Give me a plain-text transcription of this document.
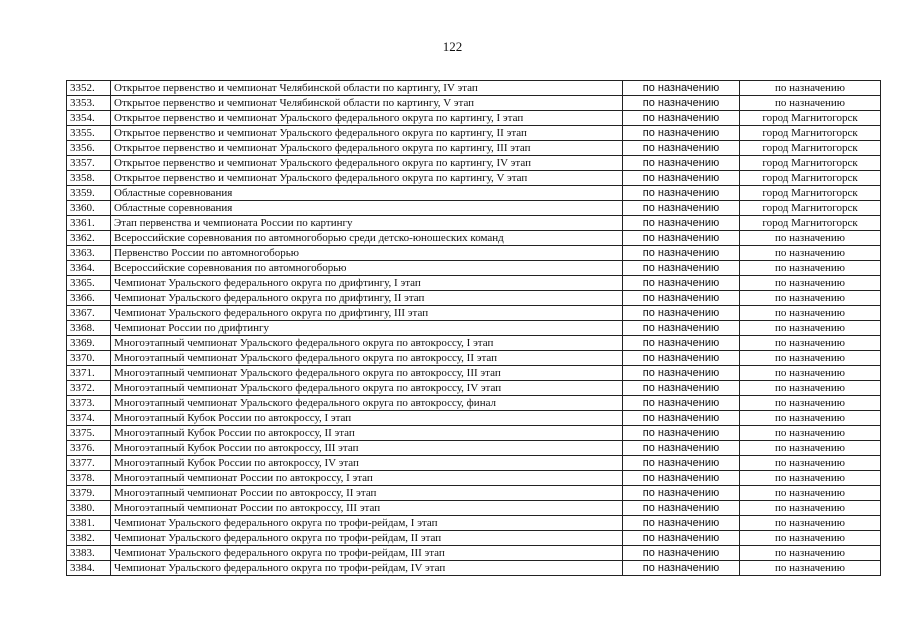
122
3352.	Открытое первенство и чемпионат Челябинской области по картингу, IV этап	по назначению	по назначению
3353.	Открытое первенство и чемпионат Челябинской области по картингу, V этап	по назначению	по назначению
3354.	Открытое первенство и чемпионат Уральского федерального округа по картингу, I этап	по назначению	город Магнитогорск
3355.	Открытое первенство и чемпионат Уральского федерального округа по картингу, II этап	по назначению	город Магнитогорск
3356.	Открытое первенство и чемпионат Уральского федерального округа по картингу, III этап	по назначению	город Магнитогорск
3357.	Открытое первенство и чемпионат Уральского федерального округа по картингу, IV этап	по назначению	город Магнитогорск
3358.	Открытое первенство и чемпионат Уральского федерального округа по картингу, V этап	по назначению	город Магнитогорск
3359.	Областные соревнования	по назначению	город Магнитогорск
3360.	Областные соревнования	по назначению	город Магнитогорск
3361.	Этап первенства и чемпионата России по картингу	по назначению	город Магнитогорск
3362.	Всероссийские соревнования по автомногоборью среди детско-юношеских команд	по назначению	по назначению
3363.	Первенство России по автомногоборью	по назначению	по назначению
3364.	Всероссийские соревнования по автомногоборью	по назначению	по назначению
3365.	Чемпионат Уральского федерального округа по дрифтингу, I этап	по назначению	по назначению
3366.	Чемпионат Уральского федерального округа по дрифтингу, II этап	по назначению	по назначению
3367.	Чемпионат Уральского федерального округа по дрифтингу, III этап	по назначению	по назначению
3368.	Чемпионат России по дрифтингу	по назначению	по назначению
3369.	Многоэтапный чемпионат Уральского федерального округа по автокроссу, I этап	по назначению	по назначению
3370.	Многоэтапный чемпионат Уральского федерального округа по автокроссу, II этап	по назначению	по назначению
3371.	Многоэтапный чемпионат Уральского федерального округа по автокроссу, III этап	по назначению	по назначению
3372.	Многоэтапный чемпионат Уральского федерального округа по автокроссу, IV этап	по назначению	по назначению
3373.	Многоэтапный чемпионат Уральского федерального округа по автокроссу, финал	по назначению	по назначению
3374.	Многоэтапный Кубок России по автокроссу, I этап	по назначению	по назначению
3375.	Многоэтапный Кубок России по автокроссу, II этап	по назначению	по назначению
3376.	Многоэтапный Кубок России по автокроссу, III этап	по назначению	по назначению
3377.	Многоэтапный Кубок России по автокроссу, IV этап	по назначению	по назначению
3378.	Многоэтапный чемпионат России по автокроссу, I этап	по назначению	по назначению
3379.	Многоэтапный чемпионат России по автокроссу, II этап	по назначению	по назначению
3380.	Многоэтапный чемпионат России по автокроссу, III этап	по назначению	по назначению
3381.	Чемпионат Уральского федерального округа по трофи-рейдам, I этап	по назначению	по назначению
3382.	Чемпионат Уральского федерального округа по трофи-рейдам, II этап	по назначению	по назначению
3383.	Чемпионат Уральского федерального округа по трофи-рейдам, III этап	по назначению	по назначению
3384.	Чемпионат Уральского федерального округа по трофи-рейдам, IV этап	по назначению	по назначению
